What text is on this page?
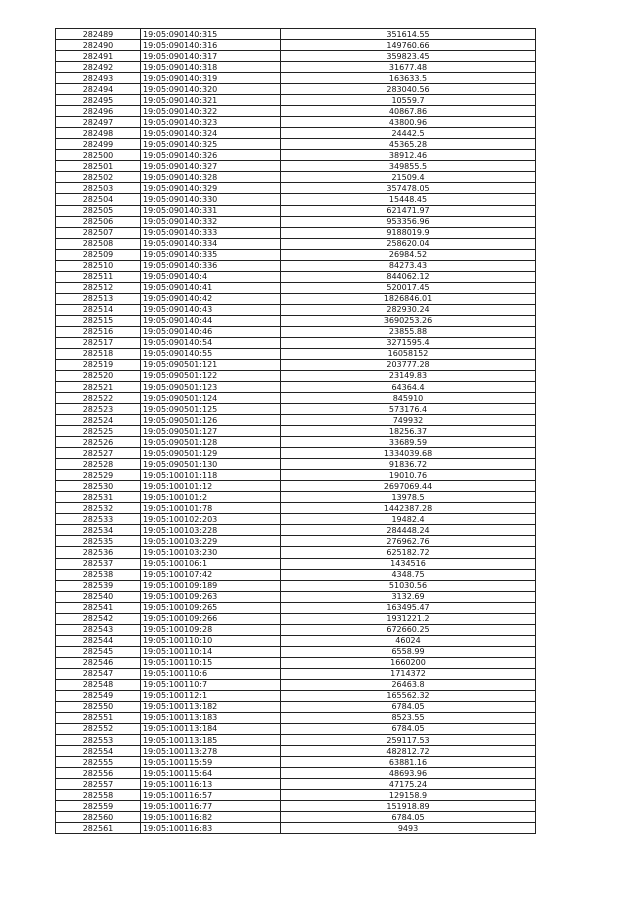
282489	19:05:090140:315	351614.55
282490	19:05:090140:316	149760.66
282491	19:05:090140:317	359823.45
282492	19:05:090140:318	31677.48
282493	19:05:090140:319	163633.5
282494	19:05:090140:320	283040.56
282495	19:05:090140:321	10559.7
282496	19:05:090140:322	40867.86
282497	19:05:090140:323	43800.96
282498	19:05:090140:324	24442.5
282499	19:05:090140:325	45365.28
282500	19:05:090140:326	38912.46
282501	19:05:090140:327	349855.5
282502	19:05:090140:328	21509.4
282503	19:05:090140:329	357478.05
282504	19:05:090140:330	15448.45
282505	19:05:090140:331	621471.97
282506	19:05:090140:332	953356.96
282507	19:05:090140:333	9188019.9
282508	19:05:090140:334	258620.04
282509	19:05:090140:335	26984.52
282510	19:05:090140:336	84273.43
282511	19:05:090140:4	844062.12
282512	19:05:090140:41	520017.45
282513	19:05:090140:42	1826846.01
282514	19:05:090140:43	282930.24
282515	19:05:090140:44	3690253.26
282516	19:05:090140:46	23855.88
282517	19:05:090140:54	3271595.4
282518	19:05:090140:55	16058152
282519	19:05:090501:121	203777.28
282520	19:05:090501:122	23149.83
282521	19:05:090501:123	64364.4
282522	19:05:090501:124	845910
282523	19:05:090501:125	573176.4
282524	19:05:090501:126	749932
282525	19:05:090501:127	18256.37
282526	19:05:090501:128	33689.59
282527	19:05:090501:129	1334039.68
282528	19:05:090501:130	91836.72
282529	19:05:100101:118	19010.76
282530	19:05:100101:12	2697069.44
282531	19:05:100101:2	13978.5
282532	19:05:100101:78	1442387.28
282533	19:05:100102:203	19482.4
282534	19:05:100103:228	284448.24
282535	19:05:100103:229	276962.76
282536	19:05:100103:230	625182.72
282537	19:05:100106:1	1434516
282538	19:05:100107:42	4348.75
282539	19:05:100109:189	51030.56
282540	19:05:100109:263	3132.69
282541	19:05:100109:265	163495.47
282542	19:05:100109:266	1931221.2
282543	19:05:100109:28	672660.25
282544	19:05:100110:10	46024
282545	19:05:100110:14	6558.99
282546	19:05:100110:15	1660200
282547	19:05:100110:6	1714372
282548	19:05:100110:7	26463.8
282549	19:05:100112:1	165562.32
282550	19:05:100113:182	6784.05
282551	19:05:100113:183	8523.55
282552	19:05:100113:184	6784.05
282553	19:05:100113:185	259117.53
282554	19:05:100113:278	482812.72
282555	19:05:100115:59	63881.16
282556	19:05:100115:64	48693.96
282557	19:05:100116:13	47175.24
282558	19:05:100116:57	129158.9
282559	19:05:100116:77	151918.89
282560	19:05:100116:82	6784.05
282561	19:05:100116:83	9493
